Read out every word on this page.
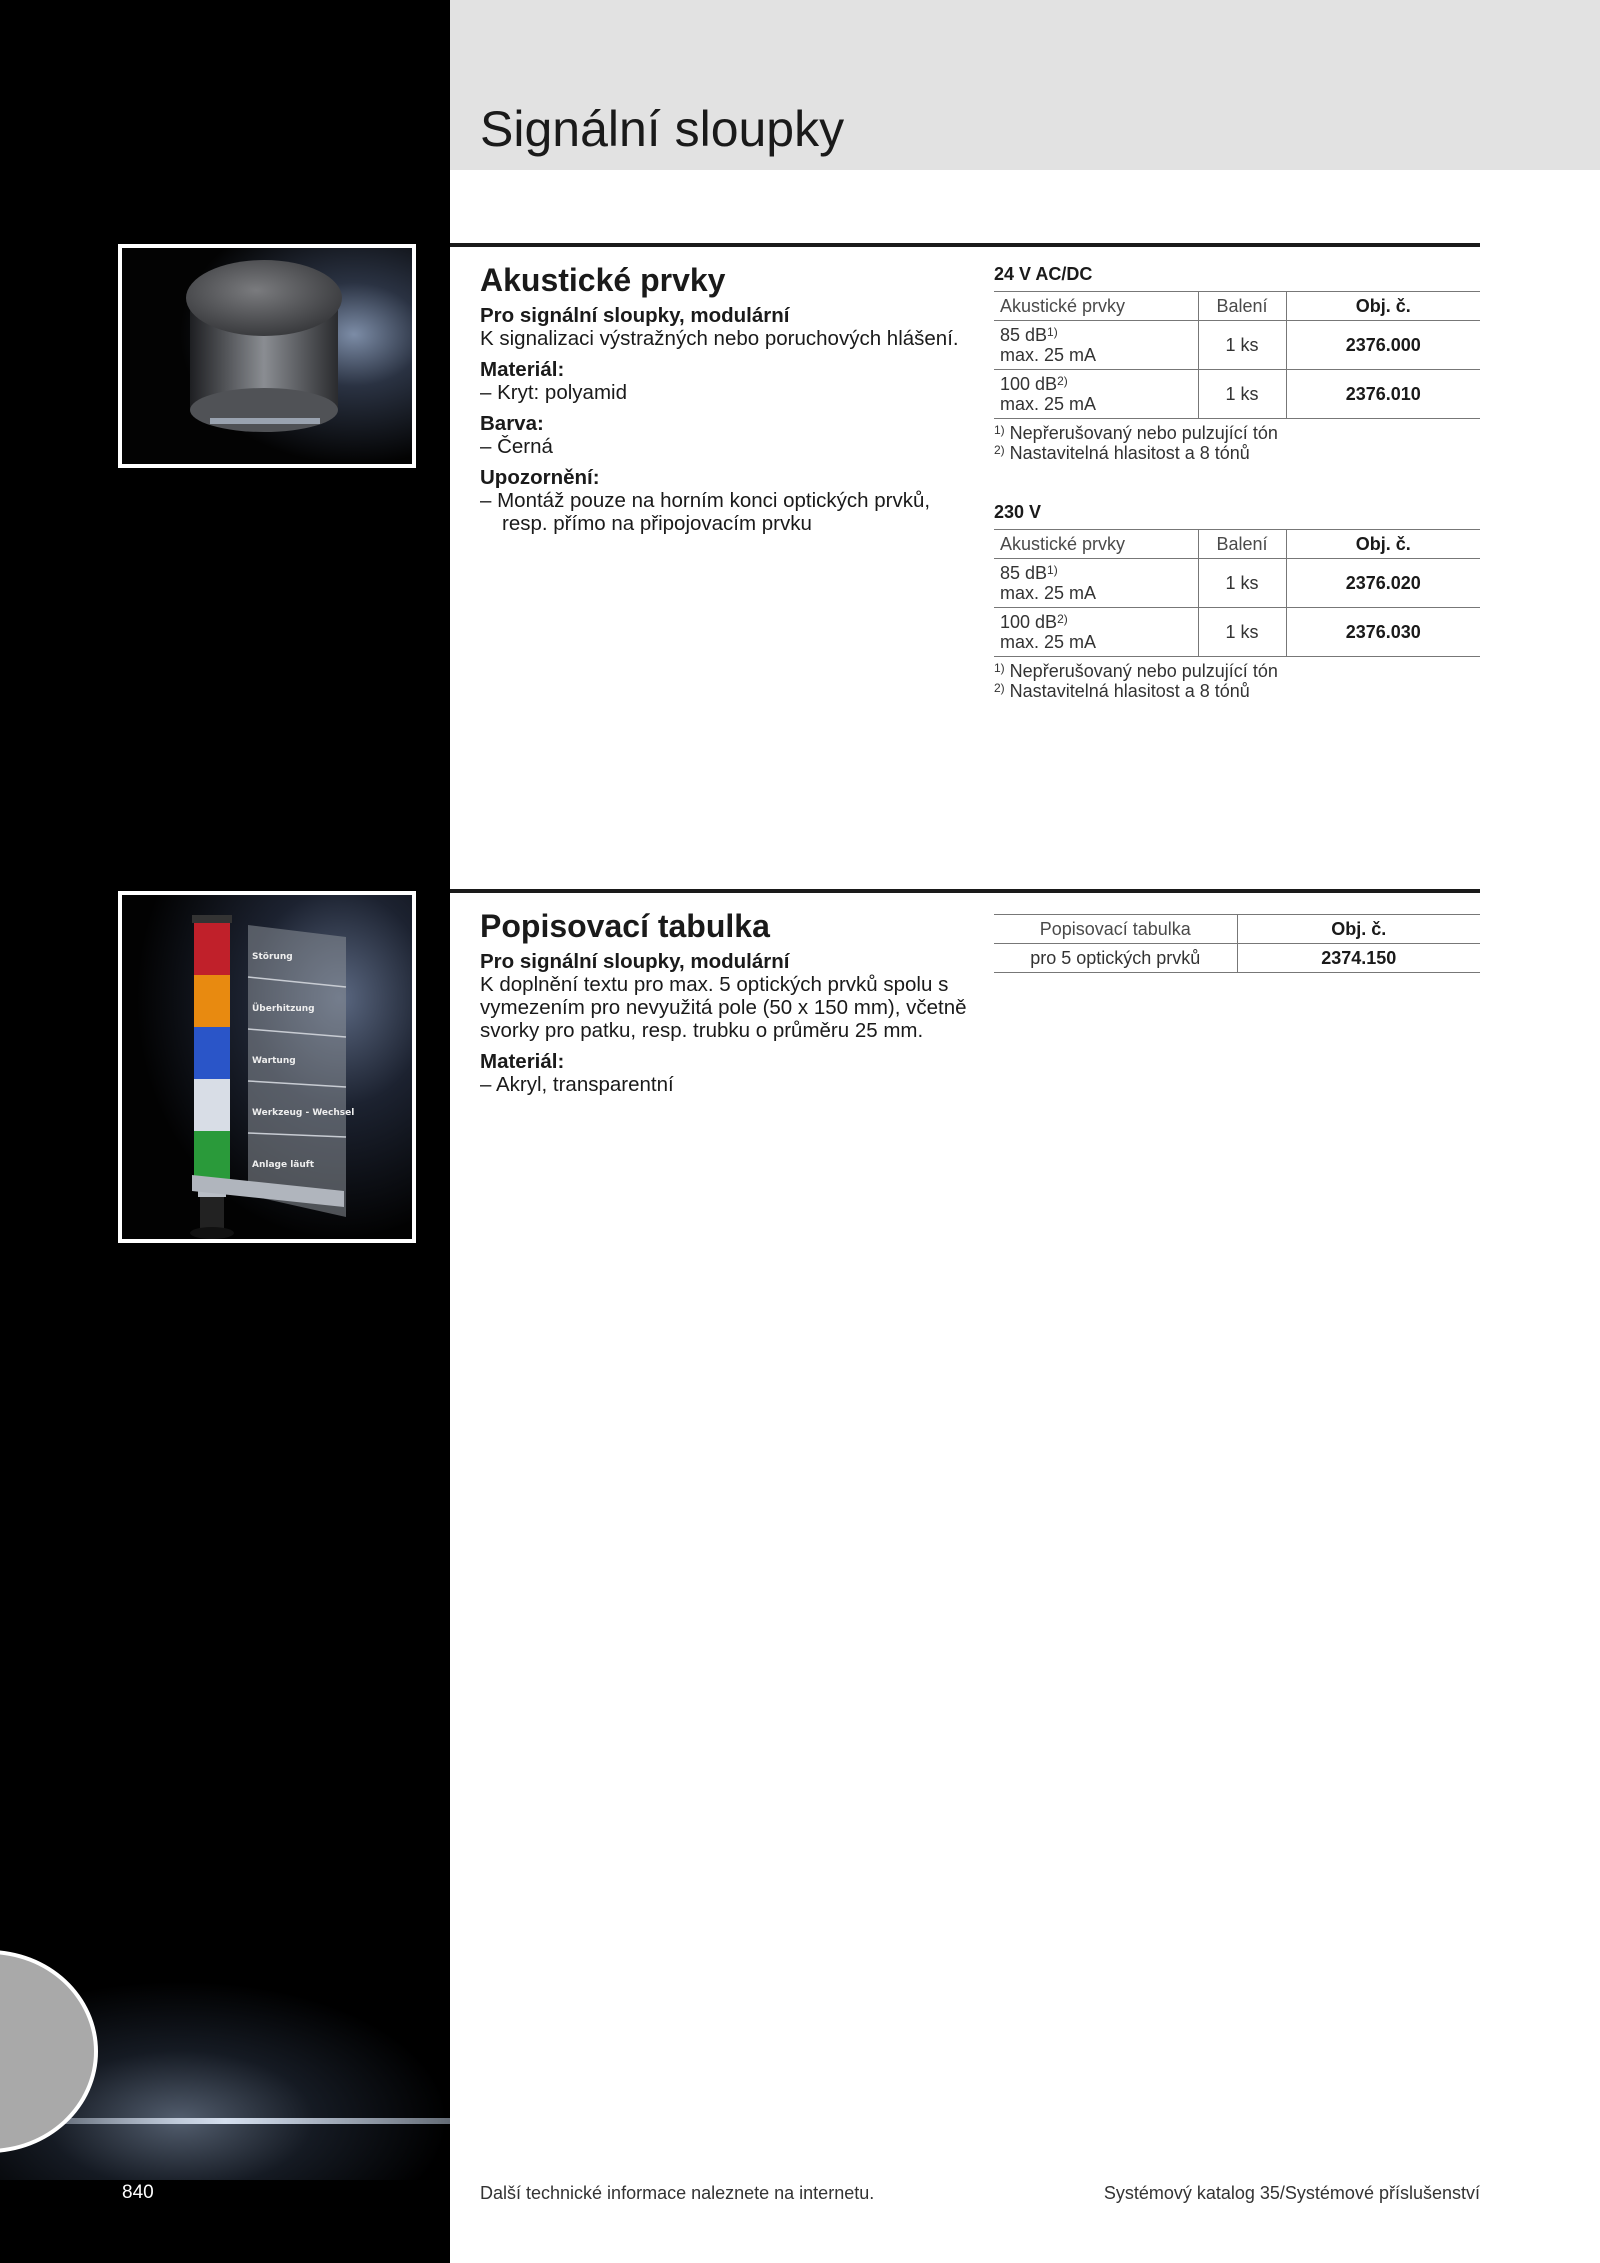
Signální sloupky
Akustické prvky

Pro signální sloupky, modulární

K signalizaci výstražných nebo poruchových hlášení.

Materiál:

– Kryt: polyamid

Barva:

– Černá

Upozornění:

– Montáž pouze na horním konci optických prvků, resp. přímo na připojovacím prvku

24 V AC/DC
Akustické prvky	Balení	Obj. č.
85 $dB^{1)}$
max. 25 mA	1 ks	2376.000
100 $dB^{2)}$
max. 25 mA	1 ks	2376.010
$^{1)}$ Nepřerušovaný nebo pulzující tón
$^{2)}$ Nastavitelná hlasitost a 8 tónů
230 V
Akustické prvky	Balení	Obj. č.
85 $dB^{1)}$
max. 25 mA	1 ks	2376.020
100 $dB^{2)}$
max. 25 mA	1 ks	2376.030
$^{1)}$ Nepřerušovaný nebo pulzující tón
$^{2)}$ Nastavitelná hlasitost a 8 tónů
Störung
Überhitzung
Wartung
Werkzeug - Wechsel
Anlage läuft
Popisovací tabulka

Pro signální sloupky, modulární

K doplnění textu pro max. 5 optických prvků spolu s vymezením pro nevyužitá pole (50 x 150 mm), včetně svorky pro patku, resp. trubku o průměru 25 mm.

Materiál:

– Akryl, transparentní

Popisovací tabulka	Obj. č.
pro 5 optických prvků	2374.150
840	Další technické informace naleznete na internetu.	Systémový katalog 35/Systémové příslušenství
